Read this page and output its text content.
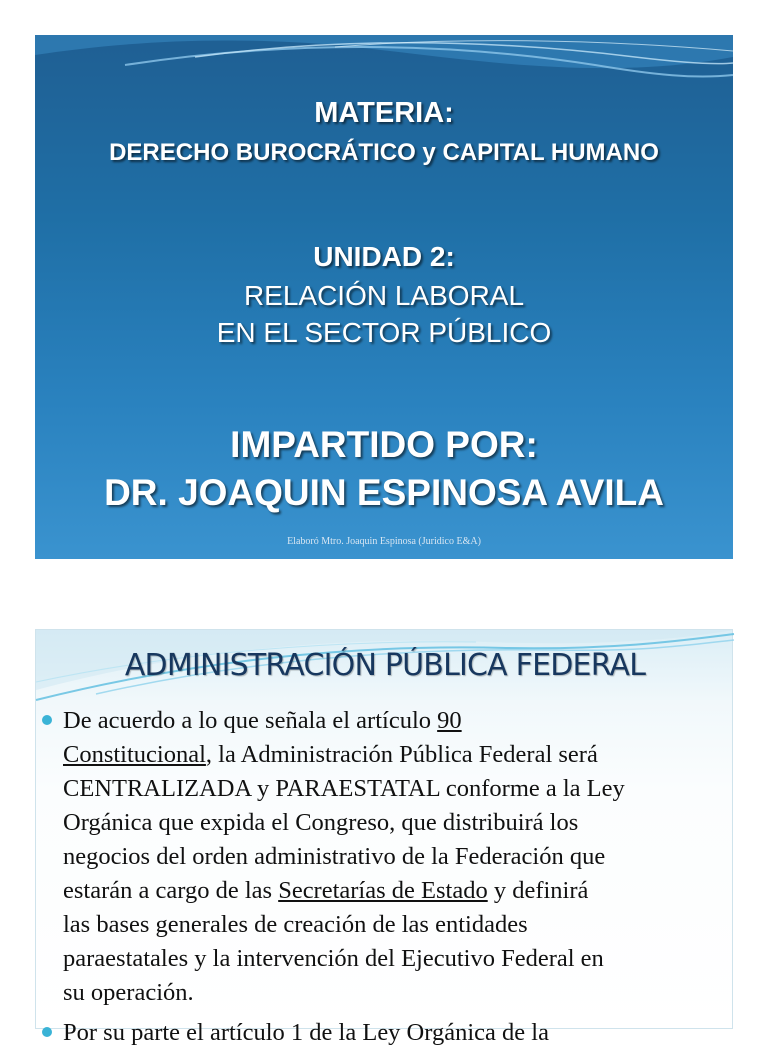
MATERIA:
DERECHO BUROCRÁTICO y CAPITAL HUMANO
UNIDAD 2:
RELACIÓN LABORAL
EN EL SECTOR PÚBLICO
IMPARTIDO POR:
DR. JOAQUIN ESPINOSA AVILA
Elaboró Mtro. Joaquin Espinosa (Juridico E&A)
ADMINISTRACIÓN PÚBLICA FEDERAL
De acuerdo a lo que señala el artículo 90
Constitucional, la Administración Pública Federal será
CENTRALIZADA y PARAESTATAL conforme a la Ley
Orgánica que expida el Congreso, que distribuirá los
negocios del orden administrativo de la Federación que
estarán a cargo de las Secretarías de Estado y definirá
las bases generales de creación de las entidades
paraestatales y la intervención del Ejecutivo Federal en
su operación.
Por su parte el artículo 1 de la Ley Orgánica de la
